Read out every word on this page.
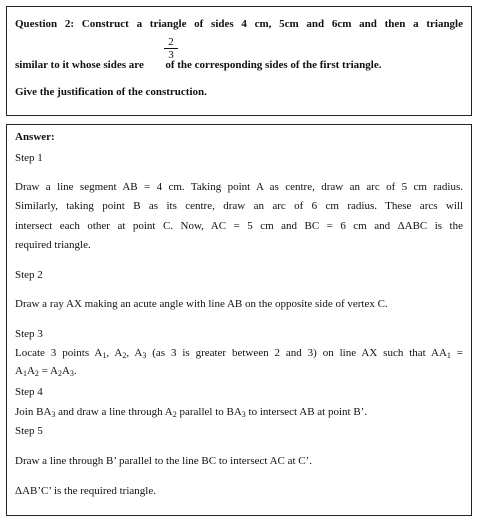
Question 2: Construct a triangle of sides 4 cm, 5cm and 6cm and then a triangle
similar to it whose sides are of the corresponding sides of the first triangle.
$\frac{2}{3}$
Give the justification of the construction.
Answer:
Step 1
Draw a line segment AB = 4 cm. Taking point A as centre, draw an arc of 5 cm radius.
Similarly, taking point B as its centre, draw an arc of 6 cm radius. These arcs will
intersect each other at point C. Now, AC = 5 cm and BC = 6 cm and ΔABC is the
required triangle.
Step 2
Draw a ray AX making an acute angle with line AB on the opposite side of vertex C.
Step 3
Locate 3 points $A_1$, $A_2$, $A_3$ (as 3 is greater between 2 and 3) on line AX such that $AA_1$ =
$A_1A_2 = A_2A_3$.
Step 4
Join $BA_3$ and draw a line through $A_2$ parallel to $BA_3$ to intersect AB at point B’.
Step 5
Draw a line through B’ parallel to the line BC to intersect AC at C’.
ΔAB’C’ is the required triangle.
